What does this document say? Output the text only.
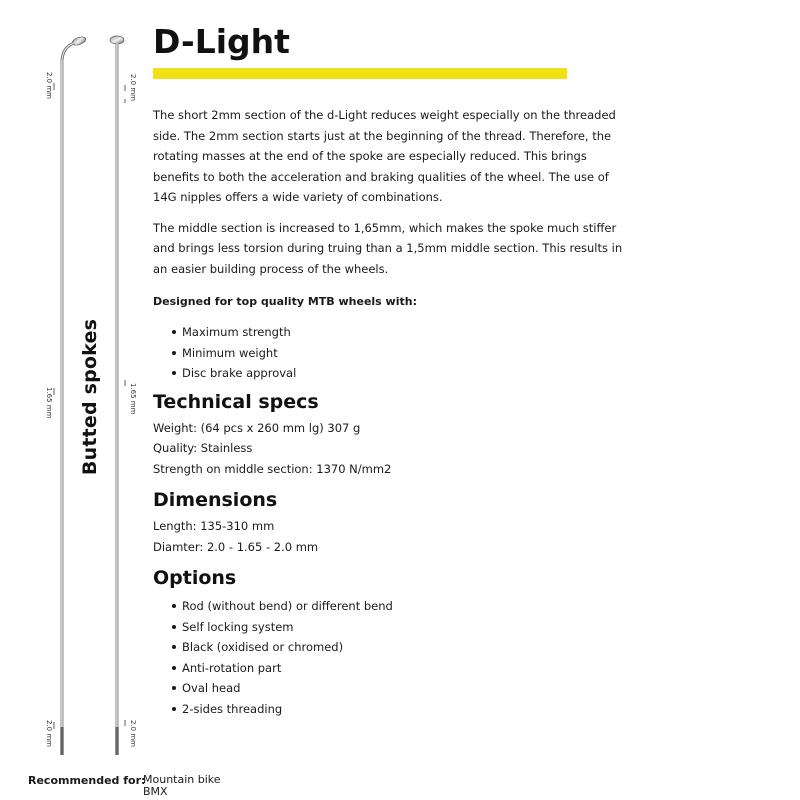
2.0 mm
1.65 mm
2.0 mm
2.0 mm
1.65 mm
2.0 mm
Butted spokes
D-Light

The short 2mm section of the d-Light reduces weight especially on the threaded side. The 2mm section starts just at the beginning of the thread. Therefore, the rotating masses at the end of the spoke are especially reduced. This brings benefits to both the acceleration and braking qualities of the wheel. The use of 14G nipples offers a wide variety of combinations.

The middle section is increased to 1,65mm, which makes the spoke much stiffer and brings less torsion during truing than a 1,5mm middle section. This results in an easier building process of the wheels.

Designed for top quality MTB wheels with:
Maximum strength
Minimum weight
Disc brake approval
Technical specs

Weight: (64 pcs x 260 mm lg) 307 g

Quality: Stainless

Strength on middle section: 1370 N/mm2

Dimensions

Length: 135-310 mm

Diamter: 2.0 - 1.65 - 2.0 mm

Options
Rod (without bend) or different bend
Self locking system
Black (oxidised or chromed)
Anti-rotation part
Oval head
2-sides threading
Recommended for:
Mountain bike
BMX
